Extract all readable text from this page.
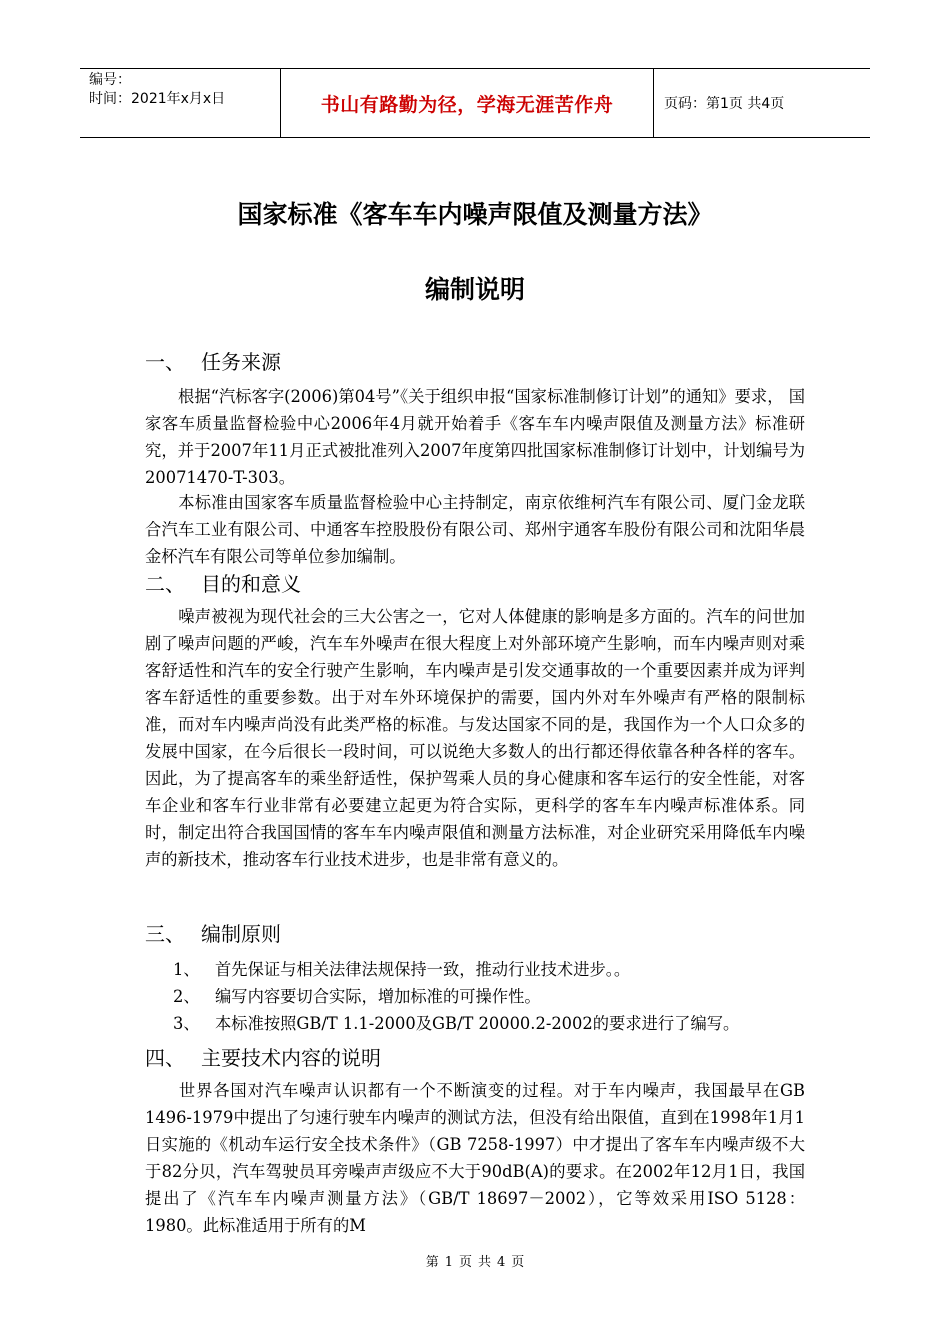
编号：
时间：2021年x月x日	书山有路勤为径，学海无涯苦作舟	页码：第1页 共4页
国家标准《客车车内噪声限值及测量方法》
编制说明
一、 任务来源
根据“汽标客字(2006)第04号”《关于组织申报“国家标准制修订计划”的通知》要求， 国家客车质量监督检验中心2006年4月就开始着手《客车车内噪声限值及测量方法》标准研究，并于2007年11月正式被批准列入2007年度第四批国家标准制修订计划中，计划编号为20071470-T-303。
本标准由国家客车质量监督检验中心主持制定，南京依维柯汽车有限公司、厦门金龙联合汽车工业有限公司、中通客车控股股份有限公司、郑州宇通客车股份有限公司和沈阳华晨金杯汽车有限公司等单位参加编制。
二、 目的和意义
噪声被视为现代社会的三大公害之一，它对人体健康的影响是多方面的。汽车的问世加剧了噪声问题的严峻，汽车车外噪声在很大程度上对外部环境产生影响，而车内噪声则对乘客舒适性和汽车的安全行驶产生影响，车内噪声是引发交通事故的一个重要因素并成为评判客车舒适性的重要参数。出于对车外环境保护的需要，国内外对车外噪声有严格的限制标准，而对车内噪声尚没有此类严格的标准。与发达国家不同的是，我国作为一个人口众多的发展中国家，在今后很长一段时间，可以说绝大多数人的出行都还得依靠各种各样的客车。因此，为了提高客车的乘坐舒适性，保护驾乘人员的身心健康和客车运行的安全性能，对客车企业和客车行业非常有必要建立起更为符合实际，更科学的客车车内噪声标准体系。同时，制定出符合我国国情的客车车内噪声限值和测量方法标准，对企业研究采用降低车内噪声的新技术，推动客车行业技术进步，也是非常有意义的。
三、 编制原则
1、 首先保证与相关法律法规保持一致，推动行业技术进步。。
2、 编写内容要切合实际，增加标准的可操作性。
3、 本标准按照GB/T 1.1-2000及GB/T 20000.2-2002的要求进行了编写。
四、 主要技术内容的说明
世界各国对汽车噪声认识都有一个不断演变的过程。对于车内噪声，我国最早在GB 1496-1979中提出了匀速行驶车内噪声的测试方法，但没有给出限值，直到在1998年1月1日实施的《机动车运行安全技术条件》（GB 7258-1997）中才提出了客车车内噪声级不大于82分贝，汽车驾驶员耳旁噪声声级应不大于90dB(A)的要求。在2002年12月1日，我国提出了《汽车车内噪声测量方法》（GB/T 18697－2002），它等效采用ISO 5128：1980。此标准适用于所有的M
第 1 页 共 4 页
